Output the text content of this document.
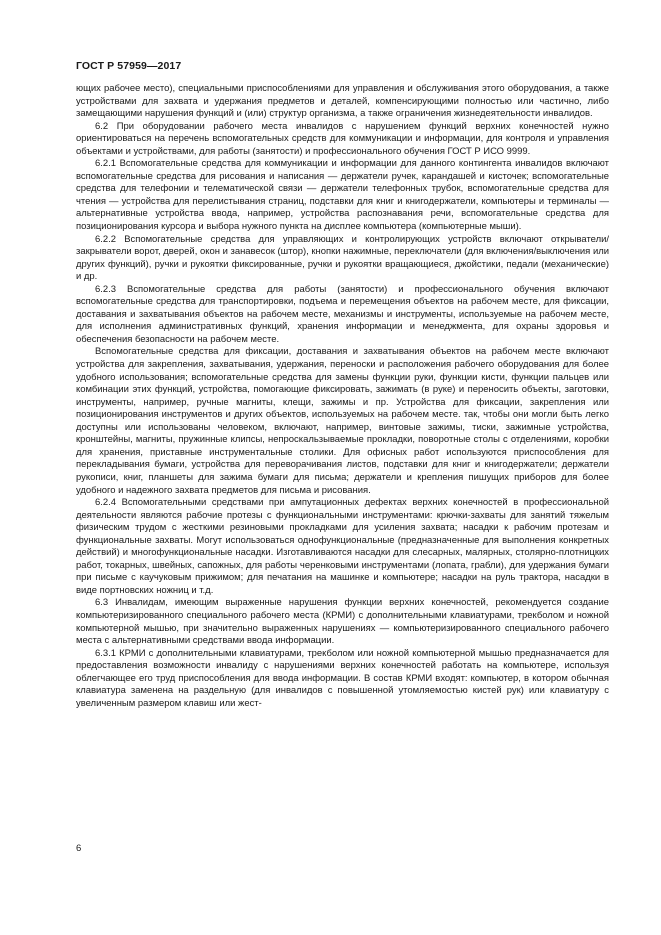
ГОСТ Р 57959—2017

ющих рабочее место), специальными приспособлениями для управления и обслуживания этого оборудования, а также устройствами для захвата и удержания предметов и деталей, компенсирующими полностью или частично, либо замещающими нарушения функций и (или) структур организма, а также ограничения жизнедеятельности инвалидов.

6.2 При оборудовании рабочего места инвалидов с нарушением функций верхних конечностей нужно ориентироваться на перечень вспомогательных средств для коммуникации и информации, для контроля и управления объектами и устройствами, для работы (занятости) и профессионального обучения ГОСТ Р ИСО 9999.

6.2.1 Вспомогательные средства для коммуникации и информации для данного контингента инвалидов включают вспомогательные средства для рисования и написания — держатели ручек, карандашей и кисточек; вспомогательные средства для телефонии и телематической связи — держатели телефонных трубок, вспомогательные средства для чтения — устройства для перелистывания страниц, подставки для книг и книгодержатели, компьютеры и терминалы — альтернативные устройства ввода, например, устройства распознавания речи, вспомогательные средства для позиционирования курсора и выбора нужного пункта на дисплее компьютера (компьютерные мыши).

6.2.2 Вспомогательные средства для управляющих и контролирующих устройств включают открыватели/закрыватели ворот, дверей, окон и занавесок (штор), кнопки нажимные, переключатели (для включения/выключения или других функций), ручки и рукоятки фиксированные, ручки и рукоятки вращающиеся, джойстики, педали (механические) и др.

6.2.3 Вспомогательные средства для работы (занятости) и профессионального обучения включают вспомогательные средства для транспортировки, подъема и перемещения объектов на рабочем месте, для фиксации, доставания и захватывания объектов на рабочем месте, механизмы и инструменты, используемые на рабочем месте, для исполнения административных функций, хранения информации и менеджмента, для охраны здоровья и обеспечения безопасности на рабочем месте.

Вспомогательные средства для фиксации, доставания и захватывания объектов на рабочем месте включают устройства для закрепления, захватывания, удержания, переноски и расположения рабочего оборудования для более удобного использования; вспомогательные средства для замены функции руки, функции кисти, функции пальцев или комбинации этих функций, устройства, помогающие фиксировать, зажимать (в руке) и переносить объекты, заготовки, инструменты, например, ручные магниты, клещи, зажимы и пр. Устройства для фиксации, закрепления или позиционирования инструментов и других объектов, используемых на рабочем месте. так, чтобы они могли быть легко доступны или использованы человеком, включают, например, винтовые зажимы, тиски, зажимные устройства, кронштейны, магниты, пружинные клипсы, непроскальзываемые прокладки, поворотные столы с отделениями, коробки для хранения, приставные инструментальные столики. Для офисных работ используются приспособления для перекладывания бумаги, устройства для переворачивания листов, подставки для книг и книгодержатели; держатели рукописи, книг, планшеты для зажима бумаги для письма; держатели и крепления пишущих приборов для более удобного и надежного захвата предметов для письма и рисования.

6.2.4 Вспомогательными средствами при ампутационных дефектах верхних конечностей в профессиональной деятельности являются рабочие протезы с функциональными инструментами: крючки-захваты для занятий тяжелым физическим трудом с жесткими резиновыми прокладками для усиления захвата; насадки к рабочим протезам и функциональные захваты. Могут использоваться однофункциональные (предназначенные для выполнения конкретных действий) и многофункциональные насадки. Изготавливаются насадки для слесарных, малярных, столярно-плотницких работ, токарных, швейных, сапожных, для работы черенковыми инструментами (лопата, грабли), для удержания бумаги при письме с каучуковым прижимом; для печатания на машинке и компьютере; насадки на руль трактора, насадки в виде портновских ножниц и т.д.

6.3 Инвалидам, имеющим выраженные нарушения функции верхних конечностей, рекомендуется создание компьютеризированного специального рабочего места (КРМИ) с дополнительными клавиатурами, трекболом и ножной компьютерной мышью, при значительно выраженных нарушениях — компьютеризированного специального рабочего места с альтернативными средствами ввода информации.

6.3.1 КРМИ с дополнительными клавиатурами, трекболом или ножной компьютерной мышью предназначается для предоставления возможности инвалиду с нарушениями верхних конечностей работать на компьютере, используя облегчающее его труд приспособления для ввода информации. В состав КРМИ входят: компьютер, в котором обычная клавиатура заменена на раздельную (для инвалидов с повышенной утомляемостью кистей рук) или клавиатуру с увеличенным размером клавиш или жест-

6
